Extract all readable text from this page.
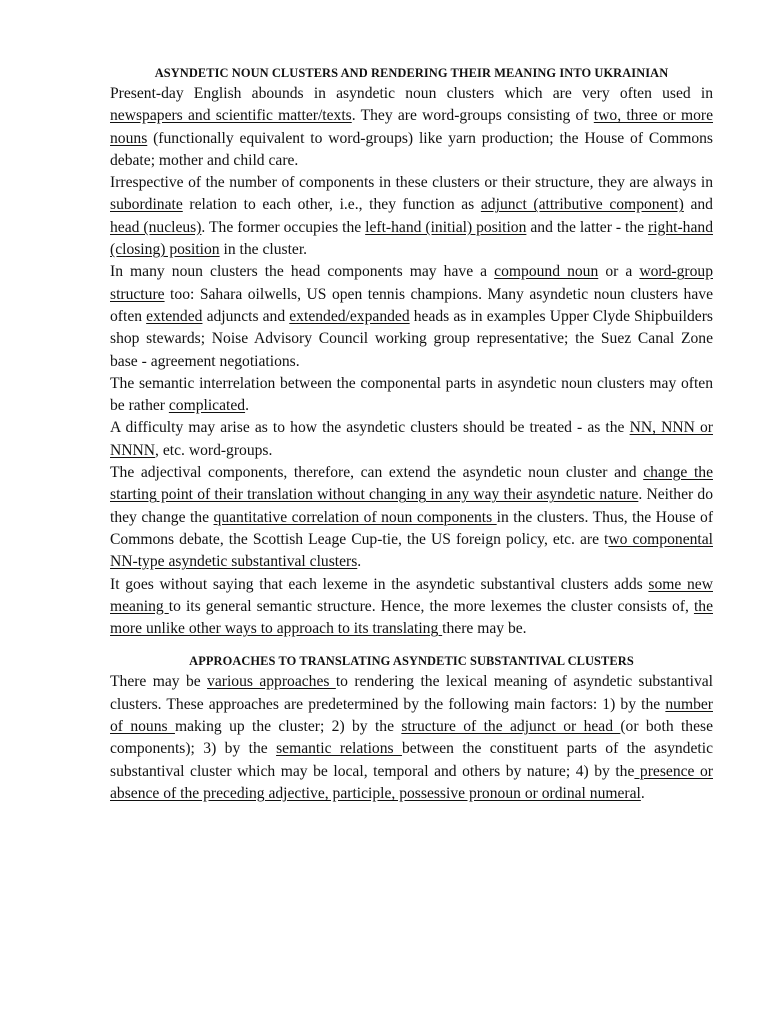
ASYNDETIC NOUN CLUSTERS AND RENDERING THEIR MEANING INTO UKRAINIAN

Present-day English abounds in asyndetic noun clusters which are very often used in newspapers and scientific matter/texts. They are word-groups consisting of two, three or more nouns (functionally equivalent to word-groups) like yarn production; the House of Commons debate; mother and child care.

Irrespective of the number of components in these clusters or their structure, they are always in subordinate relation to each other, i.e., they function as adjunct (attributive component) and head (nucleus). The former occupies the left-hand (initial) position and the latter - the right-hand (closing) position in the cluster.

In many noun clusters the head components may have a compound noun or a word-group structure too: Sahara oilwells, US open tennis champions. Many asyndetic noun clusters have often extended adjuncts and extended/expanded heads as in examples Upper Clyde Shipbuilders shop stewards; Noise Advisory Council working group representative; the Suez Canal Zone base - agreement negotiations.

The semantic interrelation between the componental parts in asyndetic noun clusters may often be rather complicated.

A difficulty may arise as to how the asyndetic clusters should be treated - as the NN, NNN or NNNN, etc. word-groups.

The adjectival components, therefore, can extend the asyndetic noun cluster and change the starting point of their translation without changing in any way their asyndetic nature. Neither do they change the quantitative correlation of noun components in the clusters. Thus, the House of Commons debate, the Scottish Leage Cup-tie, the US foreign policy, etc. are two componental NN-type asyndetic substantival clusters.

It goes without saying that each lexeme in the asyndetic substantival clusters adds some new meaning to its general semantic structure. Hence, the more lexemes the cluster consists of, the more unlike other ways to approach to its translating there may be.

APPROACHES TO TRANSLATING ASYNDETIC SUBSTANTIVAL CLUSTERS

There may be various approaches to rendering the lexical meaning of asyndetic substantival clusters. These approaches are predetermined by the following main factors: 1) by the number of nouns making up the cluster; 2) by the structure of the adjunct or head (or both these components); 3) by the semantic relations between the constituent parts of the asyndetic substantival cluster which may be local, temporal and others by nature; 4) by the presence or absence of the preceding adjective, participle, possessive pronoun or ordinal numeral.
